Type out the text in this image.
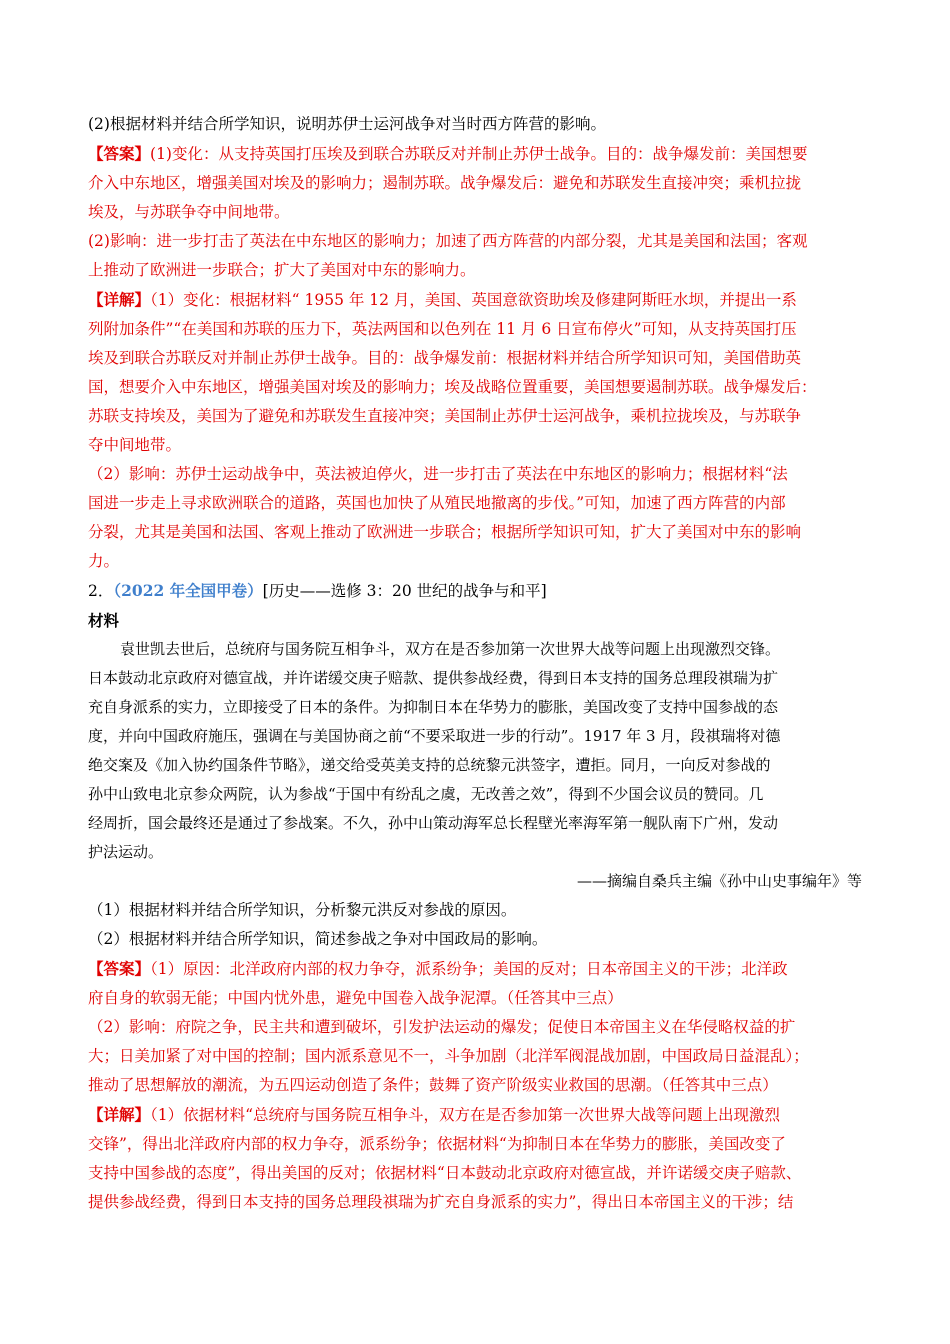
(2)根据材料并结合所学知识，说明苏伊士运河战争对当时西方阵营的影响。
【答案】(1)变化：从支持英国打压埃及到联合苏联反对并制止苏伊士战争。目的：战争爆发前：美国想要
介入中东地区，增强美国对埃及的影响力；遏制苏联。战争爆发后：避免和苏联发生直接冲突；乘机拉拢
埃及，与苏联争夺中间地带。
(2)影响：进一步打击了英法在中东地区的影响力；加速了西方阵营的内部分裂，尤其是美国和法国；客观
上推动了欧洲进一步联合；扩大了美国对中东的影响力。
【详解】（1）变化：根据材料“ 1955 年 12 月，美国、英国意欲资助埃及修建阿斯旺水坝，并提出一系
列附加条件”“在美国和苏联的压力下，英法两国和以色列在 11 月 6 日宣布停火”可知，从支持英国打压
埃及到联合苏联反对并制止苏伊士战争。目的：战争爆发前：根据材料并结合所学知识可知，美国借助英
国，想要介入中东地区，增强美国对埃及的影响力；埃及战略位置重要，美国想要遏制苏联。战争爆发后：
苏联支持埃及，美国为了避免和苏联发生直接冲突；美国制止苏伊士运河战争，乘机拉拢埃及，与苏联争
夺中间地带。
（2）影响：苏伊士运动战争中，英法被迫停火，进一步打击了英法在中东地区的影响力；根据材料“法
国进一步走上寻求欧洲联合的道路，英国也加快了从殖民地撤离的步伐。”可知，加速了西方阵营的内部
分裂，尤其是美国和法国、客观上推动了欧洲进一步联合；根据所学知识可知，扩大了美国对中东的影响
力。
2．（2022 年全国甲卷）[历史——选修 3：20 世纪的战争与和平]
材料
袁世凯去世后，总统府与国务院互相争斗，双方在是否参加第一次世界大战等问题上出现激烈交锋。
日本鼓动北京政府对德宣战，并许诺缓交庚子赔款、提供参战经费，得到日本支持的国务总理段祺瑞为扩
充自身派系的实力，立即接受了日本的条件。为抑制日本在华势力的膨胀，美国改变了支持中国参战的态
度，并向中国政府施压，强调在与美国协商之前“不要采取进一步的行动”。1917 年 3 月，段祺瑞将对德
绝交案及《加入协约国条件节略》，递交给受英美支持的总统黎元洪签字，遭拒。同月，一向反对参战的
孙中山致电北京参众两院，认为参战“于国中有纷乱之虞，无改善之效”，得到不少国会议员的赞同。几
经周折，国会最终还是通过了参战案。不久，孙中山策动海军总长程壁光率海军第一舰队南下广州，发动
护法运动。
——摘编自桑兵主编《孙中山史事编年》等
（1）根据材料并结合所学知识，分析黎元洪反对参战的原因。
（2）根据材料并结合所学知识，简述参战之争对中国政局的影响。
【答案】（1）原因：北洋政府内部的权力争夺，派系纷争；美国的反对；日本帝国主义的干涉；北洋政
府自身的软弱无能；中国内忧外患，避免中国卷入战争泥潭。（任答其中三点）
（2）影响：府院之争，民主共和遭到破坏，引发护法运动的爆发；促使日本帝国主义在华侵略权益的扩
大；日美加紧了对中国的控制；国内派系意见不一，斗争加剧（北洋军阀混战加剧，中国政局日益混乱）；
推动了思想解放的潮流，为五四运动创造了条件；鼓舞了资产阶级实业救国的思潮。（任答其中三点）
【详解】（1）依据材料“总统府与国务院互相争斗，双方在是否参加第一次世界大战等问题上出现激烈
交锋”，得出北洋政府内部的权力争夺，派系纷争；依据材料“为抑制日本在华势力的膨胀，美国改变了
支持中国参战的态度”，得出美国的反对；依据材料“日本鼓动北京政府对德宣战，并许诺缓交庚子赔款、
提供参战经费，得到日本支持的国务总理段祺瑞为扩充自身派系的实力”，得出日本帝国主义的干涉；结
